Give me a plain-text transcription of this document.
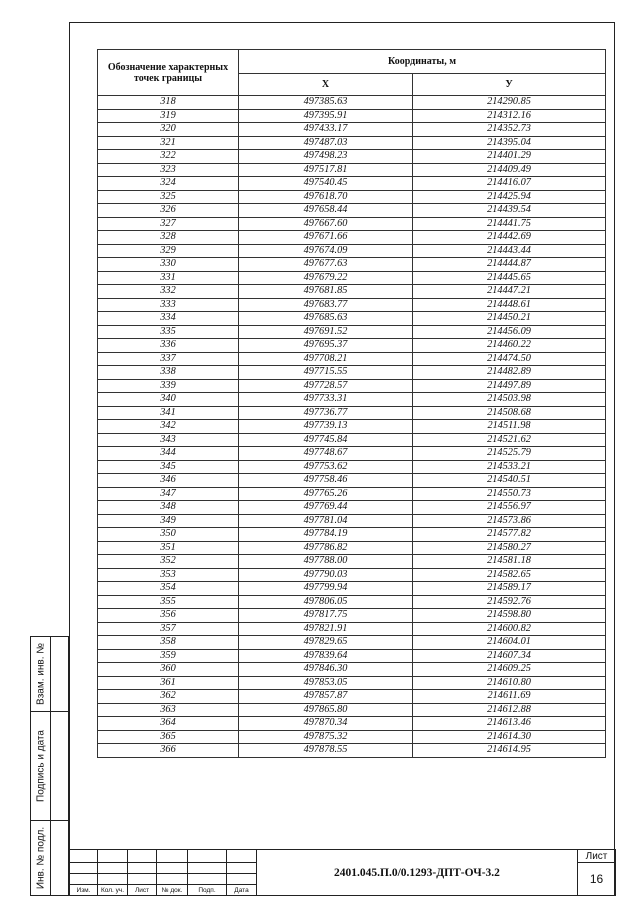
Обозначение характерных точек границы	Координаты, м	
	X	У
318	497385.63	214290.85
319	497395.91	214312.16
320	497433.17	214352.73
321	497487.03	214395.04
322	497498.23	214401.29
323	497517.81	214409.49
324	497540.45	214416.07
325	497618.70	214425.94
326	497658.44	214439.54
327	497667.60	214441.75
328	497671.66	214442.69
329	497674.09	214443.44
330	497677.63	214444.87
331	497679.22	214445.65
332	497681.85	214447.21
333	497683.77	214448.61
334	497685.63	214450.21
335	497691.52	214456.09
336	497695.37	214460.22
337	497708.21	214474.50
338	497715.55	214482.89
339	497728.57	214497.89
340	497733.31	214503.98
341	497736.77	214508.68
342	497739.13	214511.98
343	497745.84	214521.62
344	497748.67	214525.79
345	497753.62	214533.21
346	497758.46	214540.51
347	497765.26	214550.73
348	497769.44	214556.97
349	497781.04	214573.86
350	497784.19	214577.82
351	497786.82	214580.27
352	497788.00	214581.18
353	497790.03	214582.65
354	497799.94	214589.17
355	497806.05	214592.76
356	497817.75	214598.80
357	497821.91	214600.82
358	497829.65	214604.01
359	497839.64	214607.34
360	497846.30	214609.25
361	497853.05	214610.80
362	497857.87	214611.69
363	497865.80	214612.88
364	497870.34	214613.46
365	497875.32	214614.30
366	497878.55	214614.95
Взам. инв. №
Подпись и дата
Инв. № подл.
							2401.045.П.0/0.1293-ДПТ-ОЧ-3.2	Лист
							16

Изм.	Кол. уч.	Лист	№ док.	Подп.	Дата		
